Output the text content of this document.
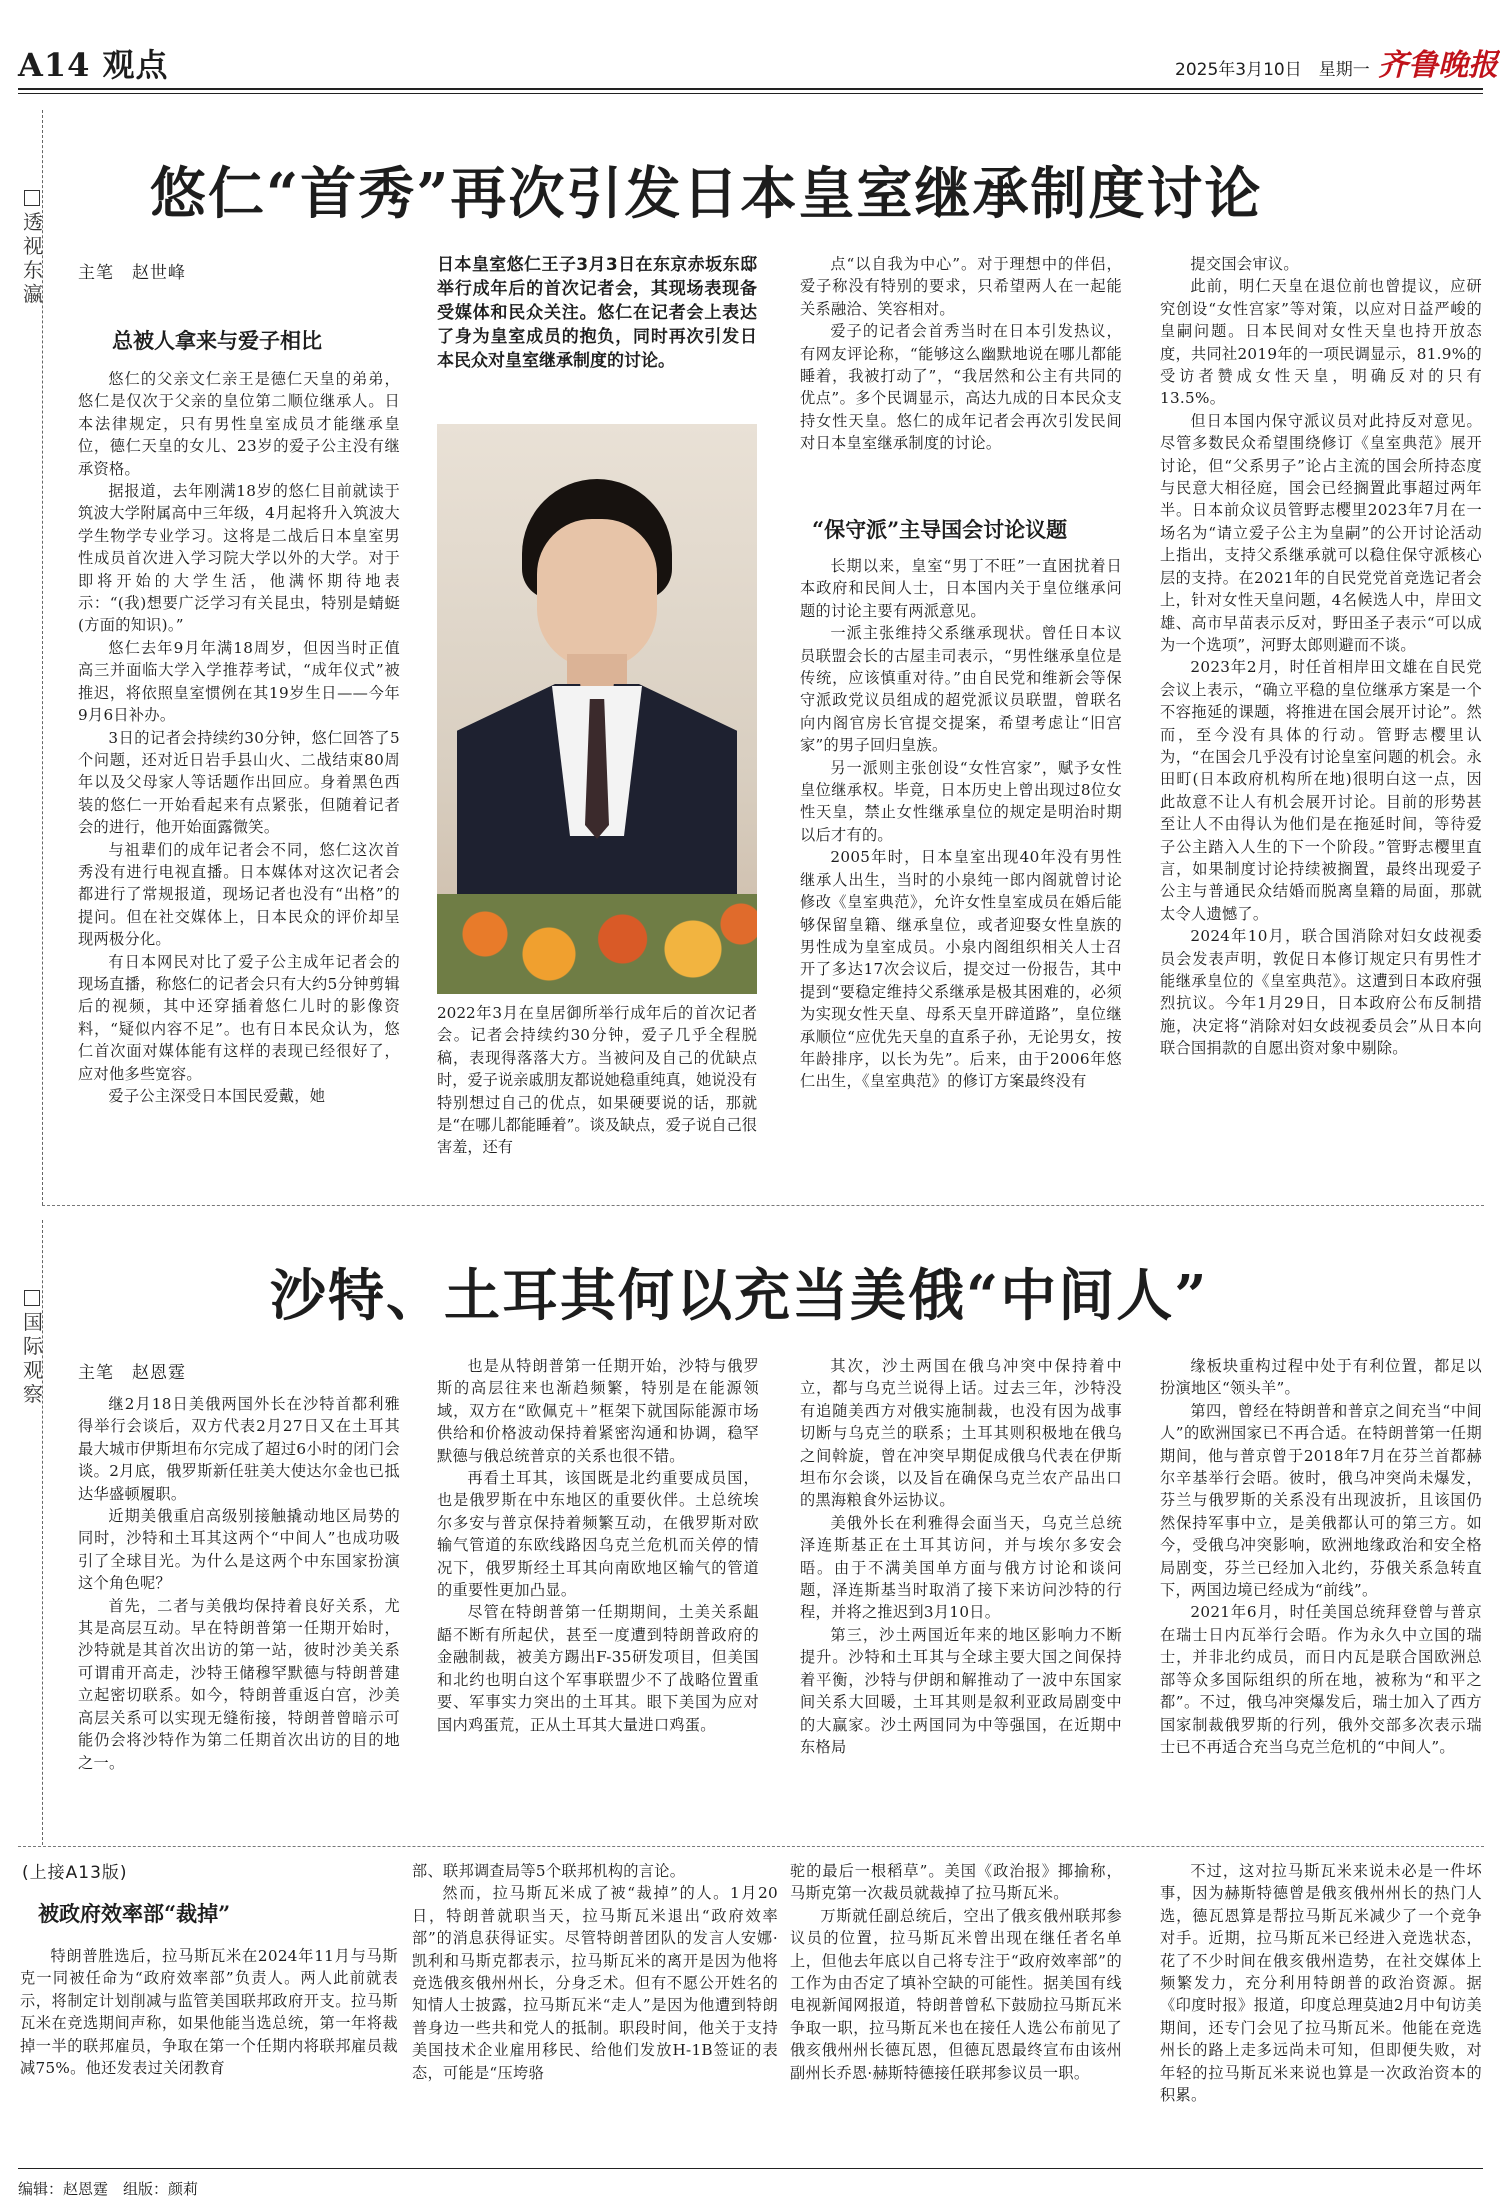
A14 观点	2025年3月10日　星期一 齐鲁晚报
透视东瀛
悠仁“首秀”再次引发日本皇室继承制度讨论
主笔　赵世峰
总被人拿来与爱子相比

悠仁的父亲文仁亲王是德仁天皇的弟弟，悠仁是仅次于父亲的皇位第二顺位继承人。日本法律规定，只有男性皇室成员才能继承皇位，德仁天皇的女儿、23岁的爱子公主没有继承资格。

据报道，去年刚满18岁的悠仁目前就读于筑波大学附属高中三年级，4月起将升入筑波大学生物学专业学习。这将是二战后日本皇室男性成员首次进入学习院大学以外的大学。对于即将开始的大学生活，他满怀期待地表示：“(我)想要广泛学习有关昆虫，特别是蜻蜓(方面的知识)。”

悠仁去年9月年满18周岁，但因当时正值高三并面临大学入学推荐考试，“成年仪式”被推迟，将依照皇室惯例在其19岁生日——今年9月6日补办。

3日的记者会持续约30分钟，悠仁回答了5个问题，还对近日岩手县山火、二战结束80周年以及父母家人等话题作出回应。身着黑色西装的悠仁一开始看起来有点紧张，但随着记者会的进行，他开始面露微笑。

与祖辈们的成年记者会不同，悠仁这次首秀没有进行电视直播。日本媒体对这次记者会都进行了常规报道，现场记者也没有“出格”的提问。但在社交媒体上，日本民众的评价却呈现两极分化。

有日本网民对比了爱子公主成年记者会的现场直播，称悠仁的记者会只有大约5分钟剪辑后的视频，其中还穿插着悠仁儿时的影像资料，“疑似内容不足”。也有日本民众认为，悠仁首次面对媒体能有这样的表现已经很好了，应对他多些宽容。

爱子公主深受日本国民爱戴，她

日本皇室悠仁王子3月3日在东京赤坂东邸举行成年后的首次记者会，其现场表现备受媒体和民众关注。悠仁在记者会上表达了身为皇室成员的抱负，同时再次引发日本民众对皇室继承制度的讨论。
2022年3月在皇居御所举行成年后的首次记者会。记者会持续约30分钟，爱子几乎全程脱稿，表现得落落大方。当被问及自己的优缺点时，爱子说亲戚朋友都说她稳重纯真，她说没有特别想过自己的优点，如果硬要说的话，那就是“在哪儿都能睡着”。谈及缺点，爱子说自己很害羞，还有

点“以自我为中心”。对于理想中的伴侣，爱子称没有特别的要求，只希望两人在一起能关系融洽、笑容相对。

爱子的记者会首秀当时在日本引发热议，有网友评论称，“能够这么幽默地说在哪儿都能睡着，我被打动了”，“我居然和公主有共同的优点”。多个民调显示，高达九成的日本民众支持女性天皇。悠仁的成年记者会再次引发民间对日本皇室继承制度的讨论。

“保守派”主导国会讨论议题

长期以来，皇室“男丁不旺”一直困扰着日本政府和民间人士，日本国内关于皇位继承问题的讨论主要有两派意见。

一派主张维持父系继承现状。曾任日本议员联盟会长的古屋圭司表示，“男性继承皇位是传统，应该慎重对待。”由自民党和维新会等保守派政党议员组成的超党派议员联盟，曾联名向内阁官房长官提交提案，希望考虑让“旧宫家”的男子回归皇族。

另一派则主张创设“女性宫家”，赋予女性皇位继承权。毕竟，日本历史上曾出现过8位女性天皇，禁止女性继承皇位的规定是明治时期以后才有的。

2005年时，日本皇室出现40年没有男性继承人出生，当时的小泉纯一郎内阁就曾讨论修改《皇室典范》，允许女性皇室成员在婚后能够保留皇籍、继承皇位，或者迎娶女性皇族的男性成为皇室成员。小泉内阁组织相关人士召开了多达17次会议后，提交过一份报告，其中提到“要稳定维持父系继承是极其困难的，必须为实现女性天皇、母系天皇开辟道路”，皇位继承顺位“应优先天皇的直系子孙，无论男女，按年龄排序，以长为先”。后来，由于2006年悠仁出生，《皇室典范》的修订方案最终没有

提交国会审议。

此前，明仁天皇在退位前也曾提议，应研究创设“女性宫家”等对策，以应对日益严峻的皇嗣问题。日本民间对女性天皇也持开放态度，共同社2019年的一项民调显示，81.9%的受访者赞成女性天皇，明确反对的只有13.5%。

但日本国内保守派议员对此持反对意见。尽管多数民众希望围绕修订《皇室典范》展开讨论，但“父系男子”论占主流的国会所持态度与民意大相径庭，国会已经搁置此事超过两年半。日本前众议员管野志樱里2023年7月在一场名为“请立爱子公主为皇嗣”的公开讨论活动上指出，支持父系继承就可以稳住保守派核心层的支持。在2021年的自民党党首竞选记者会上，针对女性天皇问题，4名候选人中，岸田文雄、高市早苗表示反对，野田圣子表示“可以成为一个选项”，河野太郎则避而不谈。

2023年2月，时任首相岸田文雄在自民党会议上表示，“确立平稳的皇位继承方案是一个不容拖延的课题，将推进在国会展开讨论”。然而，至今没有具体的行动。管野志樱里认为，“在国会几乎没有讨论皇室问题的机会。永田町(日本政府机构所在地)很明白这一点，因此故意不让人有机会展开讨论。目前的形势甚至让人不由得认为他们是在拖延时间，等待爱子公主踏入人生的下一个阶段。”管野志樱里直言，如果制度讨论持续被搁置，最终出现爱子公主与普通民众结婚而脱离皇籍的局面，那就太令人遗憾了。

2024年10月，联合国消除对妇女歧视委员会发表声明，敦促日本修订规定只有男性才能继承皇位的《皇室典范》。这遭到日本政府强烈抗议。今年1月29日，日本政府公布反制措施，决定将“消除对妇女歧视委员会”从日本向联合国捐款的自愿出资对象中剔除。

国际观察
沙特、土耳其何以充当美俄“中间人”
主笔　赵恩霆

继2月18日美俄两国外长在沙特首都利雅得举行会谈后，双方代表2月27日又在土耳其最大城市伊斯坦布尔完成了超过6小时的闭门会谈。2月底，俄罗斯新任驻美大使达尔金也已抵达华盛顿履职。

近期美俄重启高级别接触撬动地区局势的同时，沙特和土耳其这两个“中间人”也成功吸引了全球目光。为什么是这两个中东国家扮演这个角色呢？

首先，二者与美俄均保持着良好关系，尤其是高层互动。早在特朗普第一任期开始时，沙特就是其首次出访的第一站，彼时沙美关系可谓甫开高走，沙特王储穆罕默德与特朗普建立起密切联系。如今，特朗普重返白宫，沙美高层关系可以实现无缝衔接，特朗普曾暗示可能仍会将沙特作为第二任期首次出访的目的地之一。

也是从特朗普第一任期开始，沙特与俄罗斯的高层往来也渐趋频繁，特别是在能源领域，双方在“欧佩克＋”框架下就国际能源市场供给和价格波动保持着紧密沟通和协调，稳罕默德与俄总统普京的关系也很不错。

再看土耳其，该国既是北约重要成员国，也是俄罗斯在中东地区的重要伙伴。土总统埃尔多安与普京保持着频繁互动，在俄罗斯对欧输气管道的东欧线路因乌克兰危机而关停的情况下，俄罗斯经土耳其向南欧地区输气的管道的重要性更加凸显。

尽管在特朗普第一任期期间，土美关系龃龉不断有所起伏，甚至一度遭到特朗普政府的金融制裁，被美方踢出F-35研发项目，但美国和北约也明白这个军事联盟少不了战略位置重要、军事实力突出的土耳其。眼下美国为应对国内鸡蛋荒，正从土耳其大量进口鸡蛋。

其次，沙土两国在俄乌冲突中保持着中立，都与乌克兰说得上话。过去三年，沙特没有追随美西方对俄实施制裁，也没有因为战事切断与乌克兰的联系；土耳其则积极地在俄乌之间斡旋，曾在冲突早期促成俄乌代表在伊斯坦布尔会谈，以及旨在确保乌克兰农产品出口的黑海粮食外运协议。

美俄外长在利雅得会面当天，乌克兰总统泽连斯基正在土耳其访问，并与埃尔多安会晤。由于不满美国单方面与俄方讨论和谈问题，泽连斯基当时取消了接下来访问沙特的行程，并将之推迟到3月10日。

第三，沙土两国近年来的地区影响力不断提升。沙特和土耳其与全球主要大国之间保持着平衡，沙特与伊朗和解推动了一波中东国家间关系大回暖，土耳其则是叙利亚政局剧变中的大赢家。沙土两国同为中等强国，在近期中东格局

缘板块重构过程中处于有利位置，都足以扮演地区“领头羊”。

第四，曾经在特朗普和普京之间充当“中间人”的欧洲国家已不再合适。在特朗普第一任期期间，他与普京曾于2018年7月在芬兰首都赫尔辛基举行会晤。彼时，俄乌冲突尚未爆发，芬兰与俄罗斯的关系没有出现波折，且该国仍然保持军事中立，是美俄都认可的第三方。如今，受俄乌冲突影响，欧洲地缘政治和安全格局剧变，芬兰已经加入北约，芬俄关系急转直下，两国边境已经成为“前线”。

2021年6月，时任美国总统拜登曾与普京在瑞士日内瓦举行会晤。作为永久中立国的瑞士，并非北约成员，而日内瓦是联合国欧洲总部等众多国际组织的所在地，被称为“和平之都”。不过，俄乌冲突爆发后，瑞士加入了西方国家制裁俄罗斯的行列，俄外交部多次表示瑞士已不再适合充当乌克兰危机的“中间人”。

(上接A13版)
被政府效率部“裁掉”

特朗普胜选后，拉马斯瓦米在2024年11月与马斯克一同被任命为“政府效率部”负责人。两人此前就表示，将制定计划削减与监管美国联邦政府开支。拉马斯瓦米在竞选期间声称，如果他能当选总统，第一年将裁掉一半的联邦雇员，争取在第一个任期内将联邦雇员裁减75%。他还发表过关闭教育

部、联邦调查局等5个联邦机构的言论。

然而，拉马斯瓦米成了被“裁掉”的人。1月20日，特朗普就职当天，拉马斯瓦米退出“政府效率部”的消息获得证实。尽管特朗普团队的发言人安娜·凯利和马斯克都表示，拉马斯瓦米的离开是因为他将竞选俄亥俄州州长，分身乏术。但有不愿公开姓名的知情人士披露，拉马斯瓦米“走人”是因为他遭到特朗普身边一些共和党人的抵制。职段时间，他关于支持美国技术企业雇用移民、给他们发放H-1B签证的表态，可能是“压垮骆

驼的最后一根稻草”。美国《政治报》揶揄称，马斯克第一次裁员就裁掉了拉马斯瓦米。

万斯就任副总统后，空出了俄亥俄州联邦参议员的位置，拉马斯瓦米曾出现在继任者名单上，但他去年底以自己将专注于“政府效率部”的工作为由否定了填补空缺的可能性。据美国有线电视新闻网报道，特朗普曾私下鼓励拉马斯瓦米争取一职，拉马斯瓦米也在接任人选公布前见了俄亥俄州州长德瓦恩，但德瓦恩最终宣布由该州副州长乔恩·赫斯特德接任联邦参议员一职。

不过，这对拉马斯瓦米来说未必是一件坏事，因为赫斯特德曾是俄亥俄州州长的热门人选，德瓦恩算是帮拉马斯瓦米减少了一个竞争对手。近期，拉马斯瓦米已经进入竞选状态，花了不少时间在俄亥俄州造势，在社交媒体上频繁发力，充分利用特朗普的政治资源。据《印度时报》报道，印度总理莫迪2月中旬访美期间，还专门会见了拉马斯瓦米。他能在竞选州长的路上走多远尚未可知，但即便失败，对年轻的拉马斯瓦米来说也算是一次政治资本的积累。

编辑：赵恩霆　组版：颜莉
